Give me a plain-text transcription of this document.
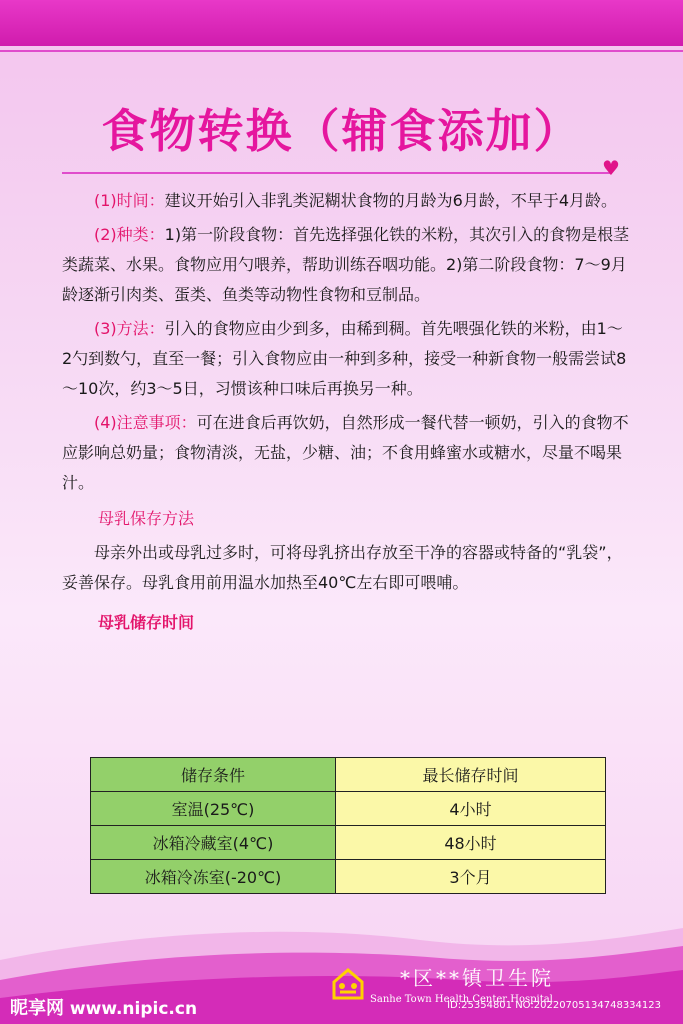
食物转换（辅食添加）
♥

(1)时间：建议开始引入非乳类泥糊状食物的月龄为6月龄，不早于4月龄。

(2)种类：1)第一阶段食物：首先选择强化铁的米粉，其次引入的食物是根茎类蔬菜、水果。食物应用勺喂养，帮助训练吞咽功能。2)第二阶段食物：7～9月龄逐渐引肉类、蛋类、鱼类等动物性食物和豆制品。

(3)方法：引入的食物应由少到多，由稀到稠。首先喂强化铁的米粉，由1～2勺到数勺，直至一餐；引入食物应由一种到多种，接受一种新食物一般需尝试8～10次，约3～5日，习惯该种口味后再换另一种。

(4)注意事项：可在进食后再饮奶，自然形成一餐代替一顿奶，引入的食物不应影响总奶量；食物清淡，无盐，少糖、油；不食用蜂蜜水或糖水，尽量不喝果汁。

母乳保存方法

母亲外出或母乳过多时，可将母乳挤出存放至干净的容器或特备的“乳袋”，妥善保存。母乳食用前用温水加热至40℃左右即可喂哺。

母乳储存时间
储存条件	最长储存时间
室温(25℃)	4小时
冰箱冷藏室(4℃)	48小时
冰箱冷冻室(-20℃)	3个月
*区**镇卫生院
Sanhe Town Health Center Hospital
昵享网 www.nipic.cn	ID:25354801 NO:20220705134748334123
